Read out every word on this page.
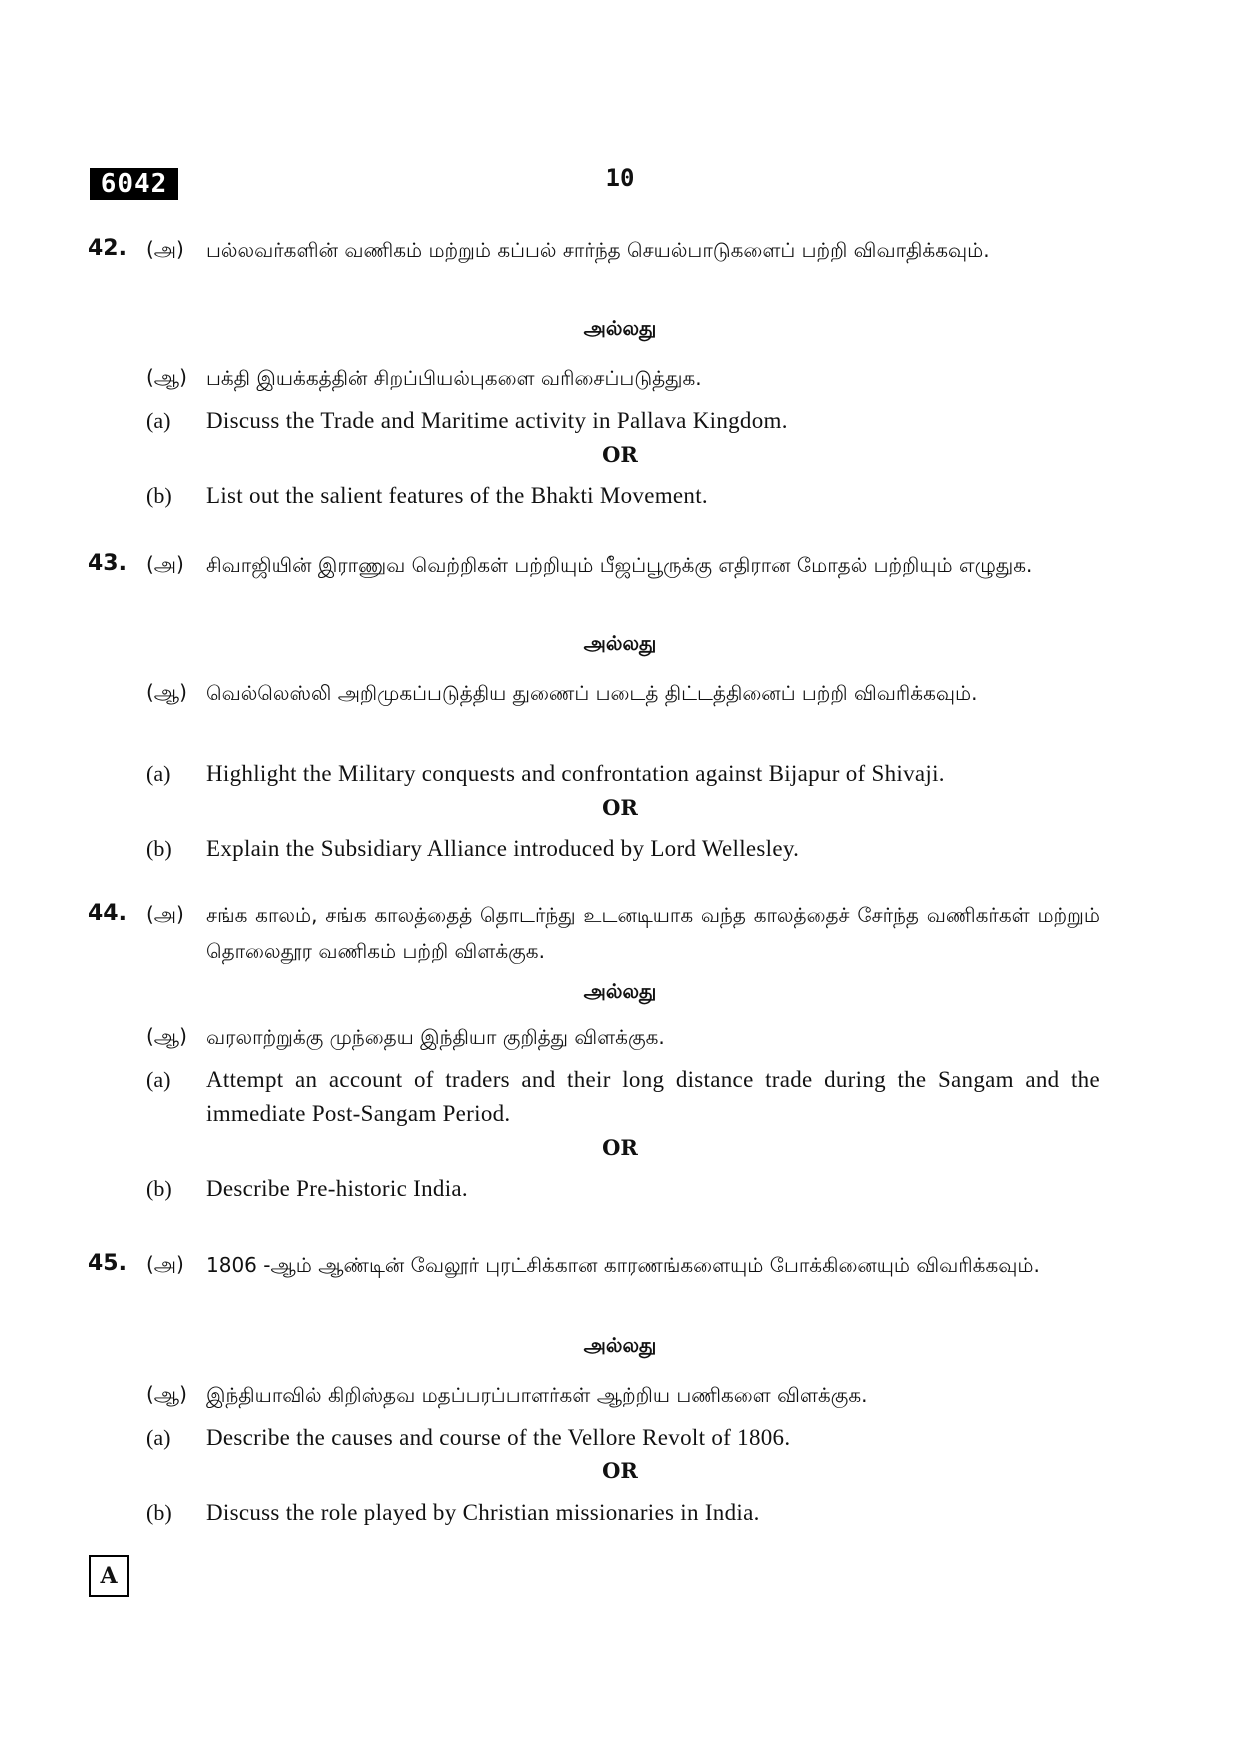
6042	10
42. (அ)	பல்லவர்களின் வணிகம் மற்றும் கப்பல் சார்ந்த செயல்பாடுகளைப் பற்றி விவாதிக்கவும்.
அல்லது
(ஆ) பக்தி இயக்கத்தின் சிறப்பியல்புகளை வரிசைப்படுத்துக.
(a)	Discuss the Trade and Maritime activity in Pallava Kingdom.
OR
(b)	List out the salient features of the Bhakti Movement.
43. (அ)	சிவாஜியின் இராணுவ வெற்றிகள் பற்றியும் பீஜப்பூருக்கு எதிரான மோதல் பற்றியும் எழுதுக.
அல்லது
(ஆ) வெல்லெஸ்லி அறிமுகப்படுத்திய துணைப் படைத் திட்டத்தினைப் பற்றி விவரிக்கவும்.
(a)	Highlight the Military conquests and confrontation against Bijapur of Shivaji.
OR
(b)	Explain the Subsidiary Alliance introduced by Lord Wellesley.
44. (அ)	சங்க காலம், சங்க காலத்தைத் தொடர்ந்து உடனடியாக வந்த காலத்தைச் சேர்ந்த வணிகர்கள் மற்றும் தொலைதூர வணிகம் பற்றி விளக்குக.
அல்லது
(ஆ) வரலாற்றுக்கு முந்தைய இந்தியா குறித்து விளக்குக.
(a)	Attempt an account of traders and their long distance trade during the Sangam and the immediate Post-Sangam Period.
OR
(b)	Describe Pre-historic India.
45. (அ)	1806 -ஆம் ஆண்டின் வேலூர் புரட்சிக்கான காரணங்களையும் போக்கினையும் விவரிக்கவும்.
அல்லது
(ஆ) இந்தியாவில் கிறிஸ்தவ மதப்பரப்பாளர்கள் ஆற்றிய பணிகளை விளக்குக.
(a)	Describe the causes and course of the Vellore Revolt of 1806.
OR
(b)	Discuss the role played by Christian missionaries in India.
A
